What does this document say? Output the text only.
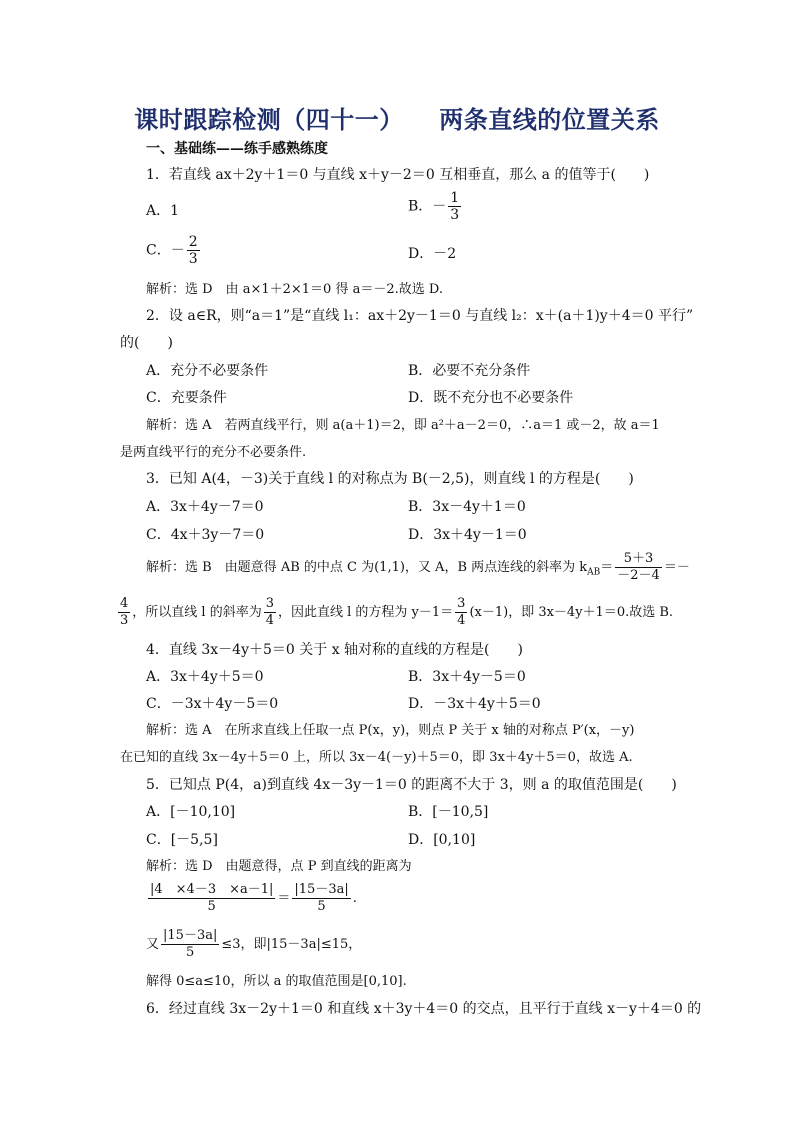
课时跟踪检测（四十一）    两条直线的位置关系
一、基础练——练手感熟练度
1．若直线 ax＋2y＋1＝0 与直线 x＋y－2＝0 互相垂直，那么 a 的值等于(　　)
A．1	B．－ $\frac{1}{3}$
C．－ $\frac{2}{3}$	D．－2
解析：选 D　由 a×1＋2×1＝0 得 a＝－2.故选 D.
2．设 a∈R，则“a＝1”是“直线 l₁：ax＋2y－1＝0 与直线 l₂：x＋(a＋1)y＋4＝0 平行”
的(　　)
A．充分不必要条件	B．必要不充分条件
C．充要条件	D．既不充分也不必要条件
解析：选 A　若两直线平行，则 a(a＋1)＝2，即 a²＋a－2＝0，∴a＝1 或－2，故 a＝1
是两直线平行的充分不必要条件.
3．已知 A(4，－3)关于直线 l 的对称点为 B(－2,5)，则直线 l 的方程是(　　)
A．3x＋4y－7＝0	B．3x－4y＋1＝0
C．4x＋3y－7＝0	D．3x＋4y－1＝0
解析：选 B　由题意得 AB 的中点 C 为(1,1)，又 A，B 两点连线的斜率为 $k_{AB}= \frac{5+3}{-2-4}$ ＝－
$\frac{4}{3}$ ，所以直线 l 的斜率为 $\frac{3}{4}$ ，因此直线 l 的方程为 $y-1= \frac{3}{4} (x-1)$，即 3x－4y＋1＝0.故选 B.
4．直线 3x－4y＋5＝0 关于 x 轴对称的直线的方程是(　　)
A．3x＋4y＋5＝0	B．3x＋4y－5＝0
C．－3x＋4y－5＝0	D．－3x＋4y＋5＝0
解析：选 A　在所求直线上任取一点 P(x，y)，则点 P 关于 x 轴的对称点 P′(x，－y)
在已知的直线 3x－4y＋5＝0 上，所以 3x－4(－y)＋5＝0，即 3x＋4y＋5＝0，故选 A.
5．已知点 P(4，a)到直线 4x－3y－1＝0 的距离不大于 3，则 a 的取值范围是(　　)
A．[－10,10]	B．[－10,5]
C．[－5,5]	D．[0,10]
解析：选 D　由题意得，点 P 到直线的距离为
$\frac{|4 \times 4-3 \times a-1|}{5} = \frac{|15-3a|}{5}$ .
又 $\frac{|15-3a|}{5} \le 3$，即|15－3a|≤15，
解得 0≤a≤10，所以 a 的取值范围是[0,10].
6．经过直线 3x－2y＋1＝0 和直线 x＋3y＋4＝0 的交点，且平行于直线 x－y＋4＝0 的
